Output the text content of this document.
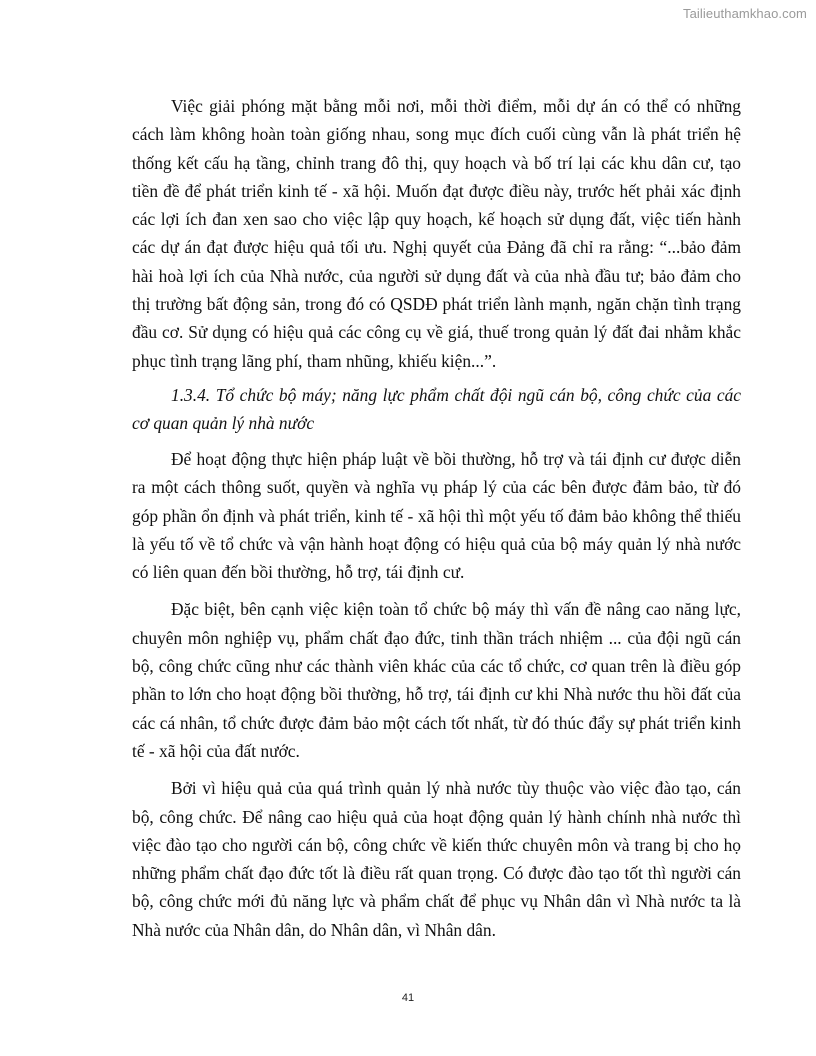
Tailieuthamkhao.com

Việc giải phóng mặt bằng mỗi nơi, mỗi thời điểm, mỗi dự án có thể có những cách làm không hoàn toàn giống nhau, song mục đích cuối cùng vẫn là phát triển hệ thống kết cấu hạ tầng, chỉnh trang đô thị, quy hoạch và bố trí lại các khu dân cư, tạo tiền đề để phát triển kinh tế - xã hội. Muốn đạt được điều này, trước hết phải xác định các lợi ích đan xen sao cho việc lập quy hoạch, kế hoạch sử dụng đất, việc tiến hành các dự án đạt được hiệu quả tối ưu. Nghị quyết của Đảng đã chỉ ra rằng: “...bảo đảm hài hoà lợi ích của Nhà nước, của người sử dụng đất và của nhà đầu tư; bảo đảm cho thị trường bất động sản, trong đó có QSDĐ phát triển lành mạnh, ngăn chặn tình trạng đầu cơ. Sử dụng có hiệu quả các công cụ về giá, thuế trong quản lý đất đai nhằm khắc phục tình trạng lãng phí, tham nhũng, khiếu kiện...”.

1.3.4. Tổ chức bộ máy; năng lực phẩm chất đội ngũ cán bộ, công chức của các cơ quan quản lý nhà nước

Để hoạt động thực hiện pháp luật về bồi thường, hỗ trợ và tái định cư được diễn ra một cách thông suốt, quyền và nghĩa vụ pháp lý của các bên được đảm bảo, từ đó góp phần ổn định và phát triển, kinh tế - xã hội thì một yếu tố đảm bảo không thể thiếu là yếu tố về tổ chức và vận hành hoạt động có hiệu quả của bộ máy quản lý nhà nước có liên quan đến bồi thường, hỗ trợ, tái định cư.

Đặc biệt, bên cạnh việc kiện toàn tổ chức bộ máy thì vấn đề nâng cao năng lực, chuyên môn nghiệp vụ, phẩm chất đạo đức, tinh thần trách nhiệm ... của đội ngũ cán bộ, công chức cũng như các thành viên khác của các tổ chức, cơ quan trên là điều góp phần to lớn cho hoạt động bồi thường, hỗ trợ, tái định cư khi Nhà nước thu hồi đất của các cá nhân, tổ chức được đảm bảo một cách tốt nhất, từ đó thúc đẩy sự phát triển kinh tế - xã hội của đất nước.

Bởi vì hiệu quả của quá trình quản lý nhà nước tùy thuộc vào việc đào tạo, cán bộ, công chức. Để nâng cao hiệu quả của hoạt động quản lý hành chính nhà nước thì việc đào tạo cho người cán bộ, công chức về kiến thức chuyên môn và trang bị cho họ những phẩm chất đạo đức tốt là điều rất quan trọng. Có được đào tạo tốt thì người cán bộ, công chức mới đủ năng lực và phẩm chất để phục vụ Nhân dân vì Nhà nước ta là Nhà nước của Nhân dân, do Nhân dân, vì Nhân dân.

41
